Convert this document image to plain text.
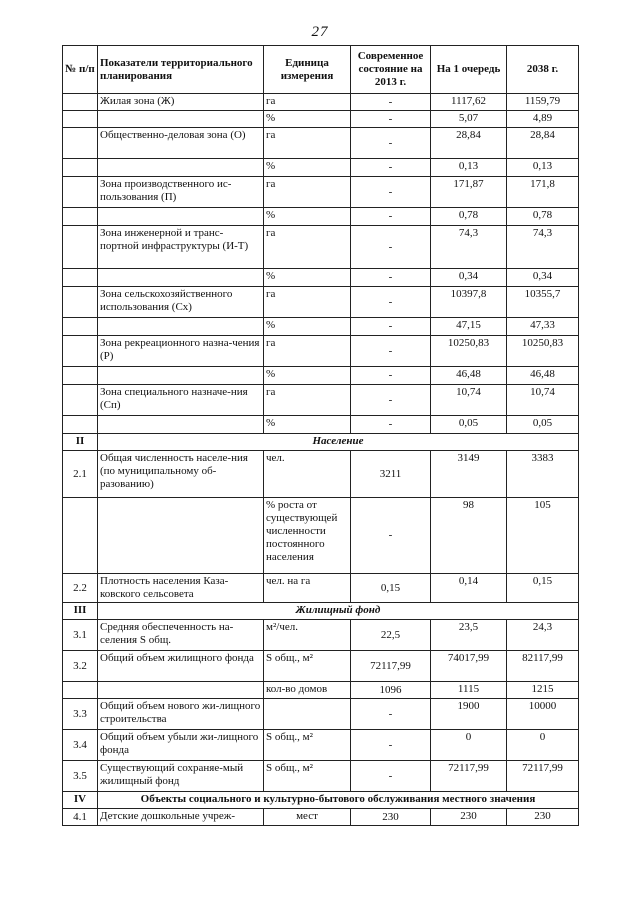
27
№ п/п	Показатели территориального планирования	Единица измерения	Современное состояние на 2013 г.	На 1 очередь	2038 г.
	Жилая зона (Ж)	га	-	1117,62	1159,79
		%	-	5,07	4,89
	Общественно-деловая зона (О)	га	-	28,84	28,84
		%	-	0,13	0,13
	Зона производственного ис-пользования (П)	га	-	171,87	171,8
		%	-	0,78	0,78
	Зона инженерной и транс-портной инфраструктуры (И-Т)	га	-	74,3	74,3
		%	-	0,34	0,34
	Зона сельскохозяйственного использования (Сх)	га	-	10397,8	10355,7
		%	-	47,15	47,33
	Зона рекреационного назна-чения (Р)	га	-	10250,83	10250,83
		%	-	46,48	46,48
	Зона специального назначе-ния (Сп)	га	-	10,74	10,74
		%	-	0,05	0,05
II	Население				
2.1	Общая численность населе-ния (по муниципальному об-разованию)	чел.	3211	3149	3383
		% роста от существующей численности постоянного населения	-	98	105
2.2	Плотность населения Каза-ковского сельсовета	чел. на га	0,15	0,14	0,15
III	Жилищный фонд				
3.1	Средняя обеспеченность на-селения S общ.	м²/чел.	22,5	23,5	24,3
3.2	Общий объем жилищного фонда	S общ., м²	72117,99	74017,99	82117,99
		кол-во домов	1096	1115	1215
3.3	Общий объем нового жи-лищного строительства		-	1900	10000
3.4	Общий объем убыли жи-лищного фонда	S общ., м²	-	0	0
3.5	Существующий сохраняе-мый жилищный фонд	S общ., м²	-	72117,99	72117,99
IV	Объекты социального и культурно-бытового обслуживания местного значения				
4.1	Детские дошкольные учреж-	мест	230	230	230
